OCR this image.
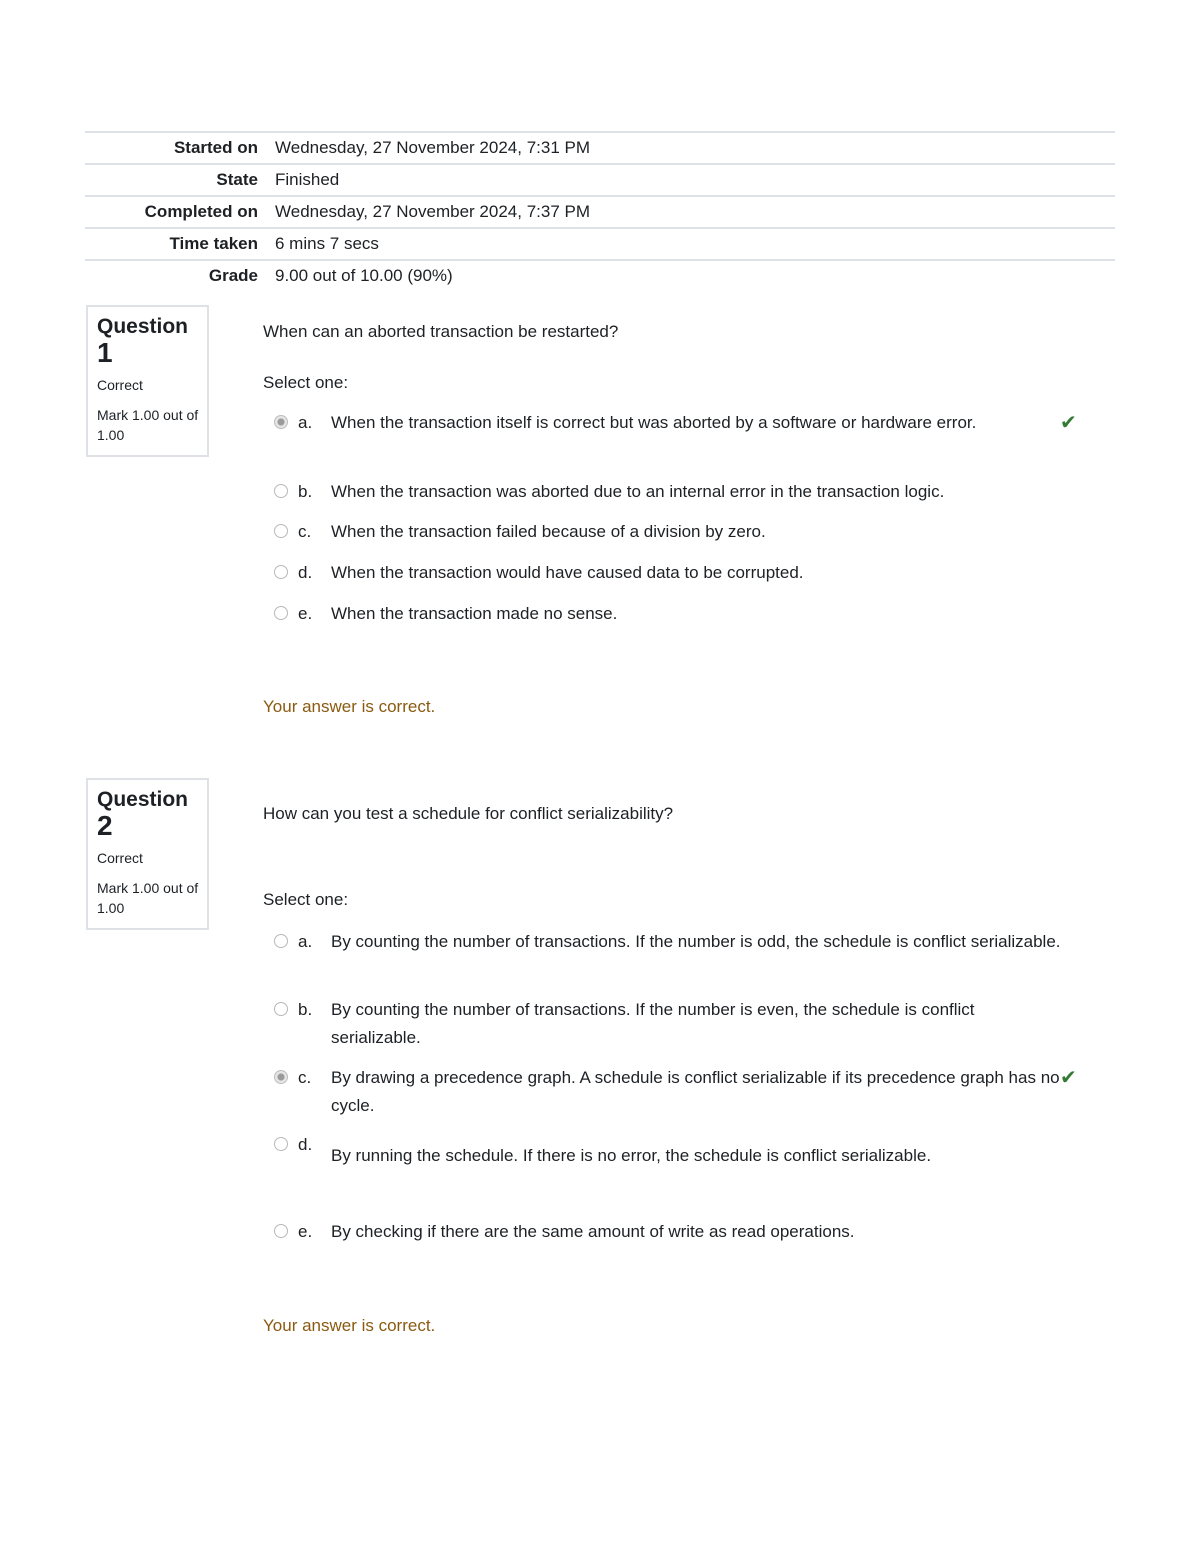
Started on	Wednesday, 27 November 2024, 7:31 PM
State	Finished
Completed on	Wednesday, 27 November 2024, 7:37 PM
Time taken	6 mins 7 secs
Grade	9.00 out of 10.00 (90%)
Question
1
Correct
Mark 1.00 out of 1.00
When can an aborted transaction be restarted?
Select one:
a. When the transaction itself is correct but was aborted by a software or hardware error.	✔
b. When the transaction was aborted due to an internal error in the transaction logic.
c. When the transaction failed because of a division by zero.
d. When the transaction would have caused data to be corrupted.
e. When the transaction made no sense.
Your answer is correct.
Question
2
Correct
Mark 1.00 out of 1.00
How can you test a schedule for conflict serializability?
Select one:
a. By counting the number of transactions. If the number is odd, the schedule is conflict serializable.
b. By counting the number of transactions. If the number is even, the schedule is conflict serializable.
c. By drawing a precedence graph. A schedule is conflict serializable if its precedence graph has no cycle.
✔
d.
By running the schedule. If there is no error, the schedule is conflict serializable.
e. By checking if there are the same amount of write as read operations.
Your answer is correct.
